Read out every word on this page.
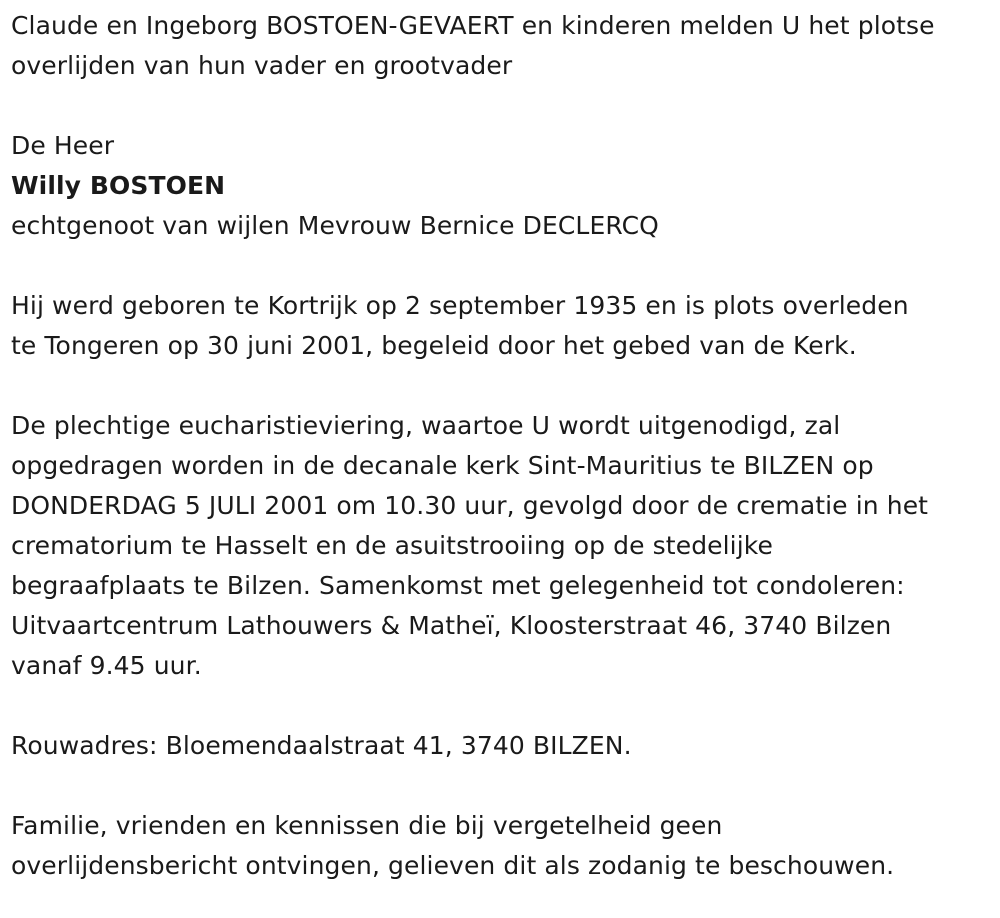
Claude en Ingeborg BOSTOEN-GEVAERT en kinderen melden U het plotse
overlijden van hun vader en grootvader
De Heer
Willy BOSTOEN
echtgenoot van wijlen Mevrouw Bernice DECLERCQ
Hij werd geboren te Kortrijk op 2 september 1935 en is plots overleden
te Tongeren op 30 juni 2001, begeleid door het gebed van de Kerk.
De plechtige eucharistieviering, waartoe U wordt uitgenodigd, zal
opgedragen worden in de decanale kerk Sint-Mauritius te BILZEN op
DONDERDAG 5 JULI 2001 om 10.30 uur, gevolgd door de crematie in het
crematorium te Hasselt en de asuitstrooiing op de stedelijke
begraafplaats te Bilzen. Samenkomst met gelegenheid tot condoleren:
Uitvaartcentrum Lathouwers & Matheï, Kloosterstraat 46, 3740 Bilzen
vanaf 9.45 uur.
Rouwadres: Bloemendaalstraat 41, 3740 BILZEN.
Familie, vrienden en kennissen die bij vergetelheid geen
overlijdensbericht ontvingen, gelieven dit als zodanig te beschouwen.
